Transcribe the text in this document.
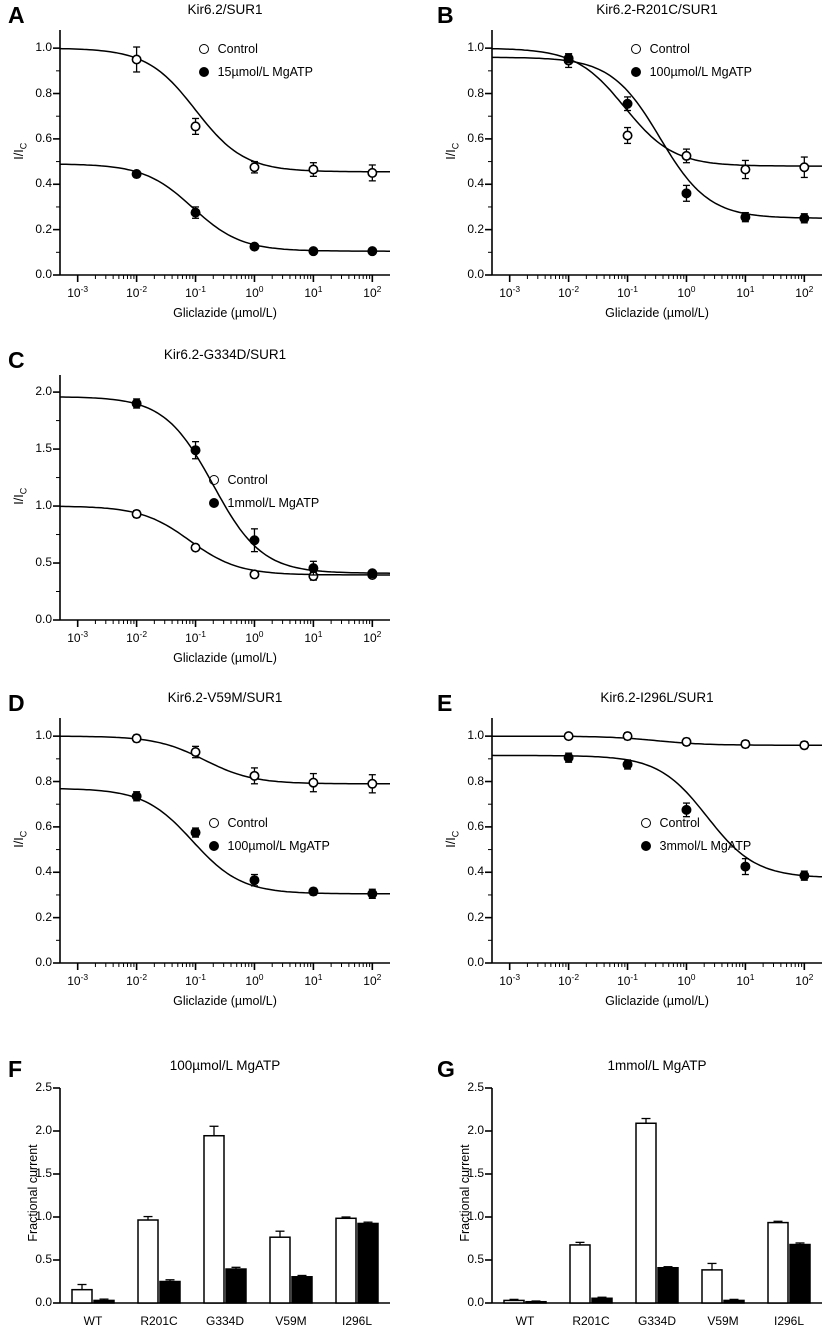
$10^{-3}$	$10^{-2}$	$10^{-1}$	$10^0$	$10^1$	$10^2$
0.0
0.2
0.4
0.6
0.8
1.0
Kir6.2/SUR1
A
Gliclazide (µmol/L)
$I/I_C$
Control
15µmol/L MgATP
$10^{-3}$	$10^{-2}$	$10^{-1}$	$10^0$	$10^1$	$10^2$
0.0
0.2
0.4
0.6
0.8
1.0
Kir6.2-R201C/SUR1
B
Gliclazide (µmol/L)
$I/I_C$
Control
100µmol/L MgATP
$10^{-3}$	$10^{-2}$	$10^{-1}$	$10^0$	$10^1$	$10^2$
0.0
0.5
1.0
1.5
2.0
Kir6.2-G334D/SUR1
C
Gliclazide (µmol/L)
$I/I_C$
Control
1mmol/L MgATP
$10^{-3}$	$10^{-2}$	$10^{-1}$	$10^0$	$10^1$	$10^2$
0.0
0.2
0.4
0.6
0.8
1.0
Kir6.2-V59M/SUR1
D
Gliclazide (µmol/L)
$I/I_C$
Control
100µmol/L MgATP
$10^{-3}$	$10^{-2}$	$10^{-1}$	$10^0$	$10^1$	$10^2$
0.0
0.2
0.4
0.6
0.8
1.0
Kir6.2-I296L/SUR1
E
Gliclazide (µmol/L)
$I/I_C$
Control
3mmol/L MgATP
0.0
0.5
1.0
1.5
2.0
2.5
WT	R201C	G334D	V59M	I296L
100µmol/L MgATP
F
Fractional current
0.0
0.5
1.0
1.5
2.0
2.5
WT	R201C	G334D	V59M	I296L
1mmol/L MgATP
G
Fractional current
